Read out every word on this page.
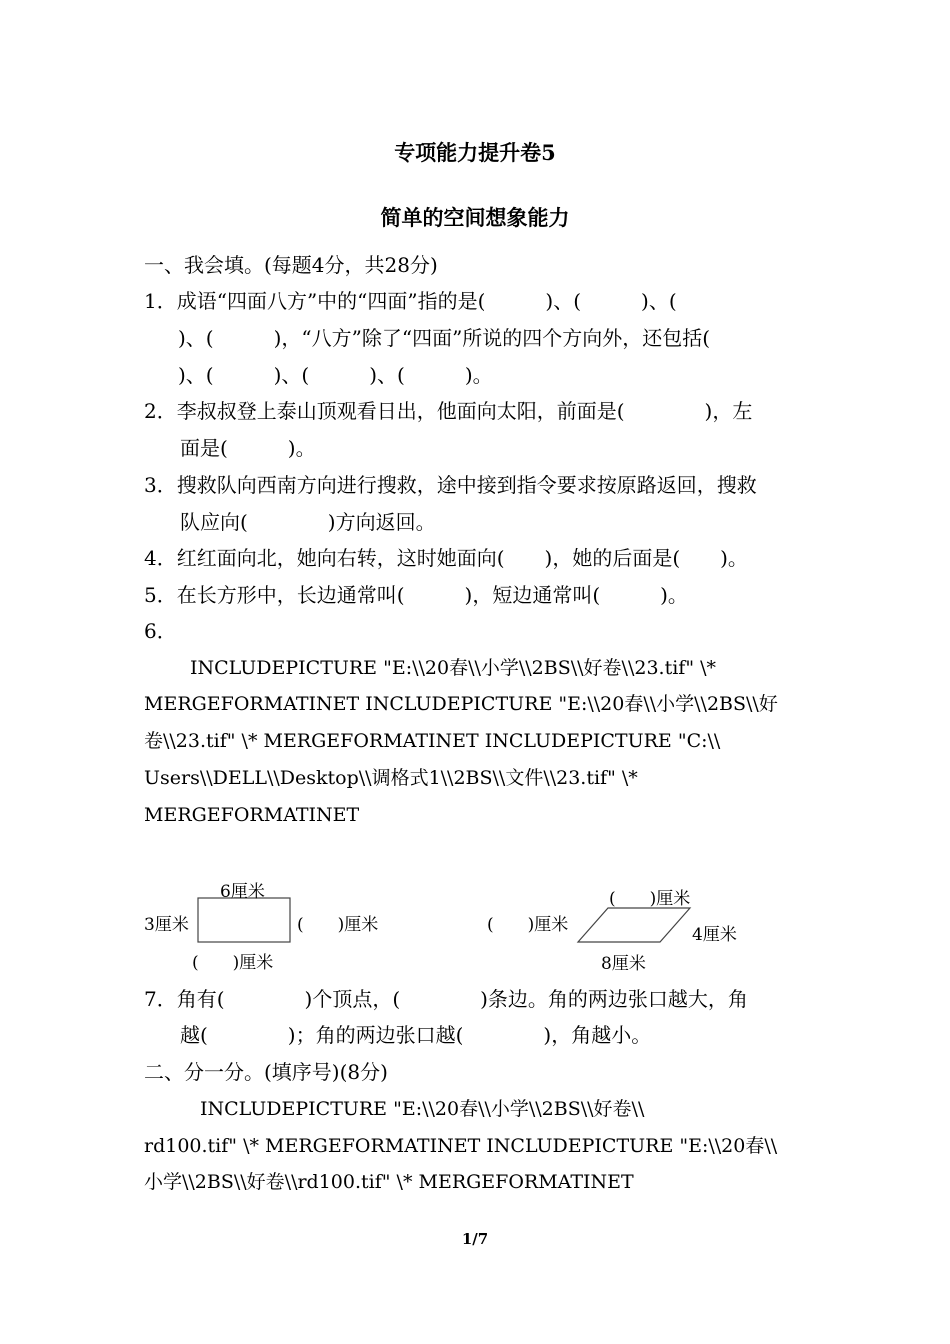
专项能力提升卷5
简单的空间想象能力
一、我会填。(每题4分，共28分)
1．成语“四面八方”中的“四面”指的是(　　　)、(　　　)、(
　)、(　　　)，“八方”除了“四面”所说的四个方向外，还包括(
　)、(　　　)、(　　　)、(　　　)。
2．李叔叔登上泰山顶观看日出，他面向太阳，前面是(　　　　)，左
面是(　　　)。
3．搜救队向西南方向进行搜救，途中接到指令要求按原路返回，搜救
队应向(　　　　)方向返回。
4．红红面向北，她向右转，这时她面向(　　)，她的后面是(　　)。
5．在长方形中，长边通常叫(　　　)，短边通常叫(　　　)。
6．
INCLUDEPICTURE "E:\\20春\\小学\\2BS\\好卷\\23.tif" \*
MERGEFORMATINET INCLUDEPICTURE "E:\\20春\\小学\\2BS\\好
卷\\23.tif" \* MERGEFORMATINET INCLUDEPICTURE "C:\\
Users\\DELL\\Desktop\\调格式1\\2BS\\文件\\23.tif" \*
MERGEFORMATINET
6厘米
3厘米	(　　)厘米
(　　)厘米
(　　)厘米
(　　)厘米
4厘米
8厘米
7．角有(　　　　)个顶点，(　　　　)条边。角的两边张口越大，角
越(　　　　)；角的两边张口越(　　　　)，角越小。
二、分一分。(填序号)(8分)
INCLUDEPICTURE "E:\\20春\\小学\\2BS\\好卷\\
rd100.tif" \* MERGEFORMATINET INCLUDEPICTURE "E:\\20春\\
小学\\2BS\\好卷\\rd100.tif" \* MERGEFORMATINET
1/7
